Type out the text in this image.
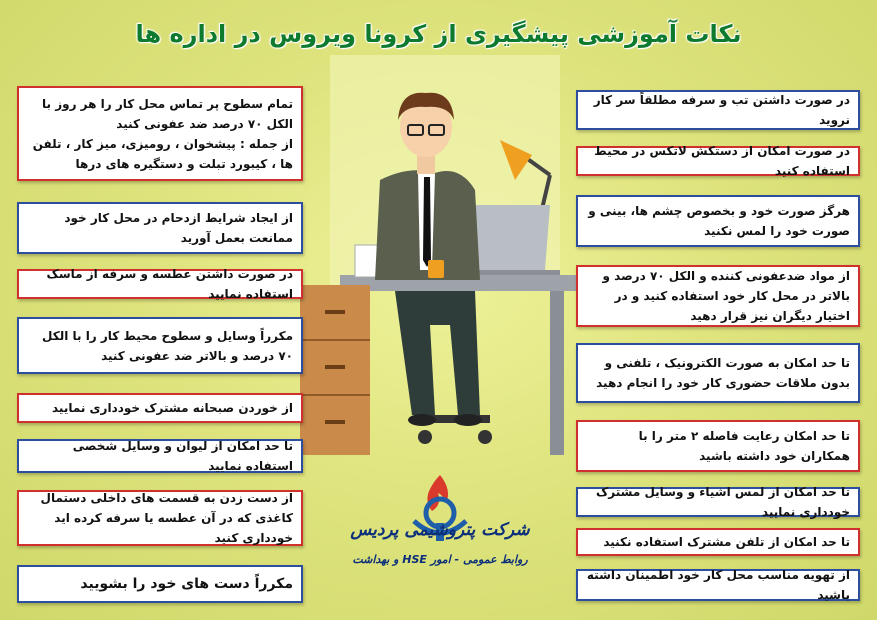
نکات آموزشی پیشگیری از کرونا ویروس در اداره ها
در صورت داشتن تب و سرفه مطلقاً سر کار نروید
در صورت امکان از دستکش لاتکس در محیط استفاده کنید
هرگز صورت خود و بخصوص چشم ها، بینی و صورت خود را لمس نکنید
از مواد ضدعفونی کننده و الکل ۷۰ درصد و بالاتر در محل کار خود استفاده کنید و در اختیار دیگران نیز قرار دهید
تا حد امکان به صورت الکترونیک ، تلفنی و بدون ملاقات حضوری کار خود را انجام دهید
تا حد امکان رعایت فاصله ۲ متر را با همکاران خود داشته باشید
تا حد امکان از لمس اشیاء و وسایل مشترک خودداری نمایید
تا حد امکان از تلفن مشترک استفاده نکنید
از تهویه مناسب محل کار خود اطمینان داشته باشید
تمام سطوح پر تماس محل کار را هر روز با الکل ۷۰ درصد ضد عفونی کنید
از جمله : پیشخوان ، رومیزی، میز کار ، تلفن ها ، کیبورد تبلت و دستگیره های درها
از ایجاد شرایط ازدحام در محل کار خود ممانعت بعمل آورید
در صورت داشتن عطسه و سرفه از ماسک استفاده نمایید
مکرراً وسایل و سطوح محیط کار را با الکل ۷۰ درصد و بالاتر ضد عفونی کنید
از خوردن صبحانه مشترک خودداری نمایید
تا حد امکان از لیوان و وسایل شخصی استفاده نمایید
از دست زدن به قسمت های داخلی دستمال کاغذی که در آن عطسه یا سرفه کرده اید خودداری کنید
مکرراً دست های خود را بشویید
شرکت پتروشیمی پردیس
روابط عمومی - امور HSE و بهداشت
